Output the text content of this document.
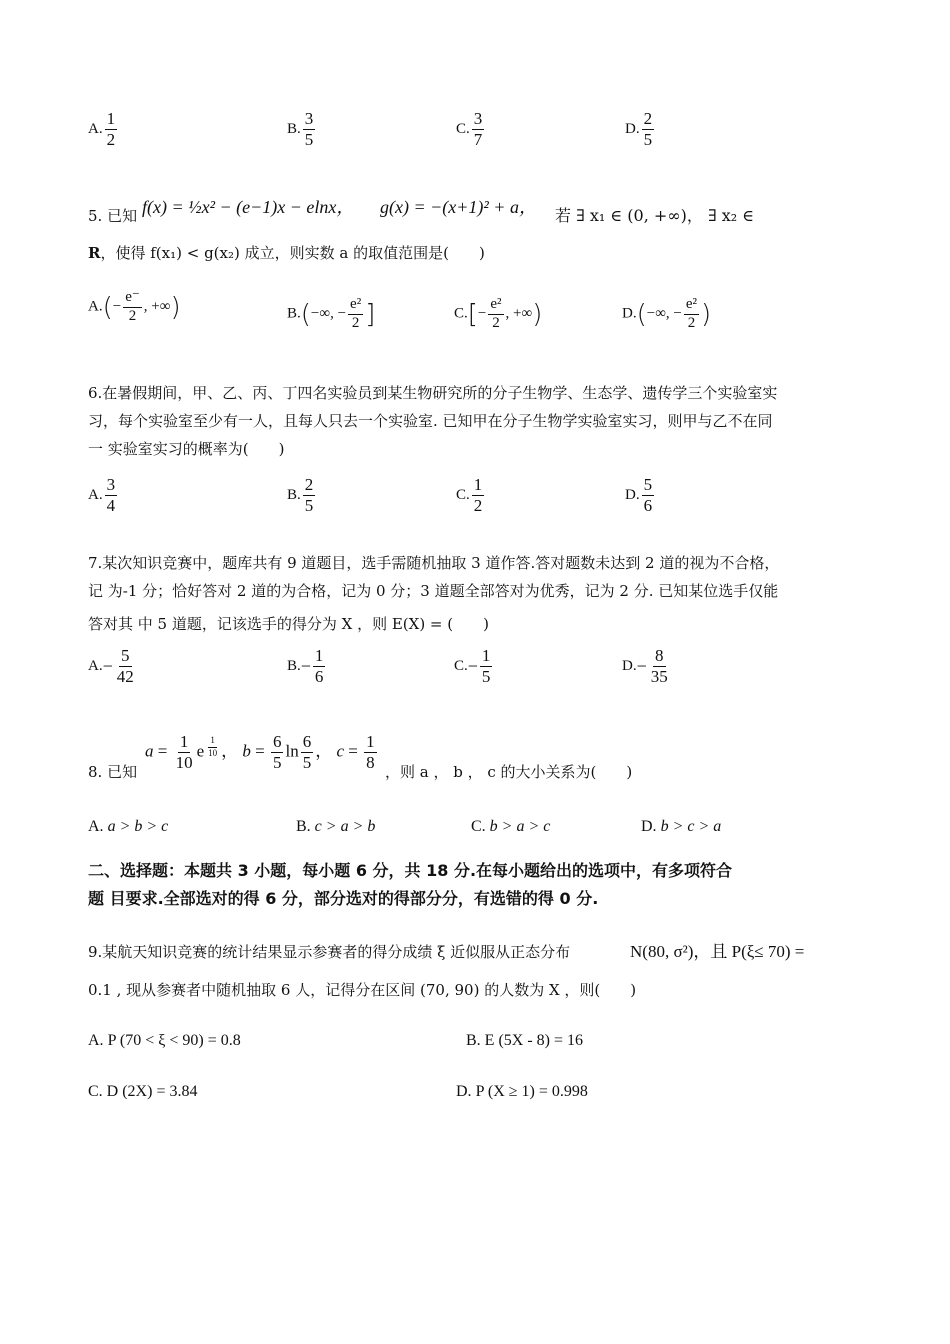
A. $\frac{1}{2}$	B. $\frac{3}{5}$	C. $\frac{3}{7}$	D. $\frac{2}{5}$
5. 已知 f(x) = ½x² − (e−1)x − elnx， g(x) = −(x+1)² + a， 若 ∃ x₁ ∈ (0, +∞)， ∃ x₂ ∈
R，使得 f(x₁) < g(x₂) 成立，则实数 a 的取值范围是(　　)
$A.(- \frac{e^-}{2}$ , +∞)	B.(−∞, − $\frac{\text{e²}}{2}$ ]	$C.[- \frac{\text{e²}}{2}$ , +∞)	D.(−∞, − $\frac{\text{e²}}{2}$ )
6.在暑假期间，甲、乙、丙、丁四名实验员到某生物研究所的分子生物学、生态学、遗传学三个实验室实
习，每个实验室至少有一人，且每人只去一个实验室. 已知甲在分子生物学实验室实习，则甲与乙不在同
一 实验室实习的概率为(　　)
A. $\frac{3}{4}$	B. $\frac{2}{5}$	C. $\frac{1}{2}$	D. $\frac{5}{6}$
7.某次知识竞赛中，题库共有 9 道题目，选手需随机抽取 3 道作答.答对题数未达到 2 道的视为不合格，
记 为-1 分；恰好答对 2 道的为合格，记为 0 分；3 道题全部答对为优秀，记为 2 分. 已知某位选手仅能
答对其 中 5 道题，记该选手的得分为 X ，则 E(X) = (　　)
$A.- \frac{5}{42}$	$B.- \frac{1}{6}$	$C.- \frac{1}{5}$	$D.- \frac{8}{35}$
8. 已知
$a = \frac{1}{10}$ e $^{\frac{1}{10}}$ ， $b = \frac{6}{5}$ $\ln \frac{6}{5}$ ， $c = \frac{1}{8}$
，则 a ， b ， c 的大小关系为(　　)
A. a > b > c	B. c > a > b	C. b > a > c	D. b > c > a
二、选择题：本题共 3 小题，每小题 6 分，共 18 分.在每小题给出的选项中，有多项符合
题 目要求.全部选对的得 6 分，部分选对的得部分分，有选错的得 0 分.
9.某航天知识竞赛的统计结果显示参赛者的得分成绩 ξ 近似服从正态分布	N(80, σ²)，且 P(ξ≤ 70) =
0.1 , 现从参赛者中随机抽取 6 人，记得分在区间 (70, 90) 的人数为 X ，则(　　)
A. P (70 < ξ < 90) = 0.8	B. E (5X - 8) = 16
C. D (2X) = 3.84	D. P (X ≥ 1) = 0.998
